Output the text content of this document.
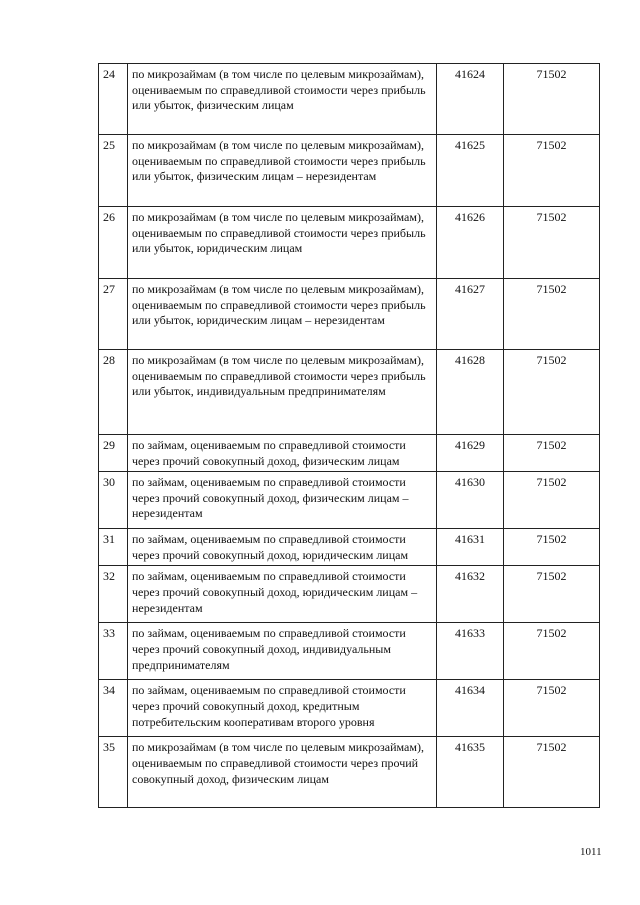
24	по микрозаймам (в том числе по целевым микрозаймам), оцениваемым по справедливой стоимости через прибыль или убыток, физическим лицам	41624	71502
25	по микрозаймам (в том числе по целевым микрозаймам), оцениваемым по справедливой стоимости через прибыль или убыток, физическим лицам – нерезидентам	41625	71502
26	по микрозаймам (в том числе по целевым микрозаймам), оцениваемым по справедливой стоимости через прибыль или убыток, юридическим лицам	41626	71502
27	по микрозаймам (в том числе по целевым микрозаймам), оцениваемым по справедливой стоимости через прибыль или убыток, юридическим лицам – нерезидентам	41627	71502
28	по микрозаймам (в том числе по целевым микрозаймам), оцениваемым по справедливой стоимости через прибыль или убыток, индивидуальным предпринимателям	41628	71502
29	по займам, оцениваемым по справедливой стоимости через прочий совокупный доход, физическим лицам	41629	71502
30	по займам, оцениваемым по справедливой стоимости через прочий совокупный доход, физическим лицам – нерезидентам	41630	71502
31	по займам, оцениваемым по справедливой стоимости через прочий совокупный доход, юридическим лицам	41631	71502
32	по займам, оцениваемым по справедливой стоимости через прочий совокупный доход, юридическим лицам – нерезидентам	41632	71502
33	по займам, оцениваемым по справедливой стоимости через прочий совокупный доход, индивидуальным предпринимателям	41633	71502
34	по займам, оцениваемым по справедливой стоимости через прочий совокупный доход, кредитным потребительским кооперативам второго уровня	41634	71502
35	по микрозаймам (в том числе по целевым микрозаймам), оцениваемым по справедливой стоимости через прочий совокупный доход, физическим лицам	41635	71502
1011
